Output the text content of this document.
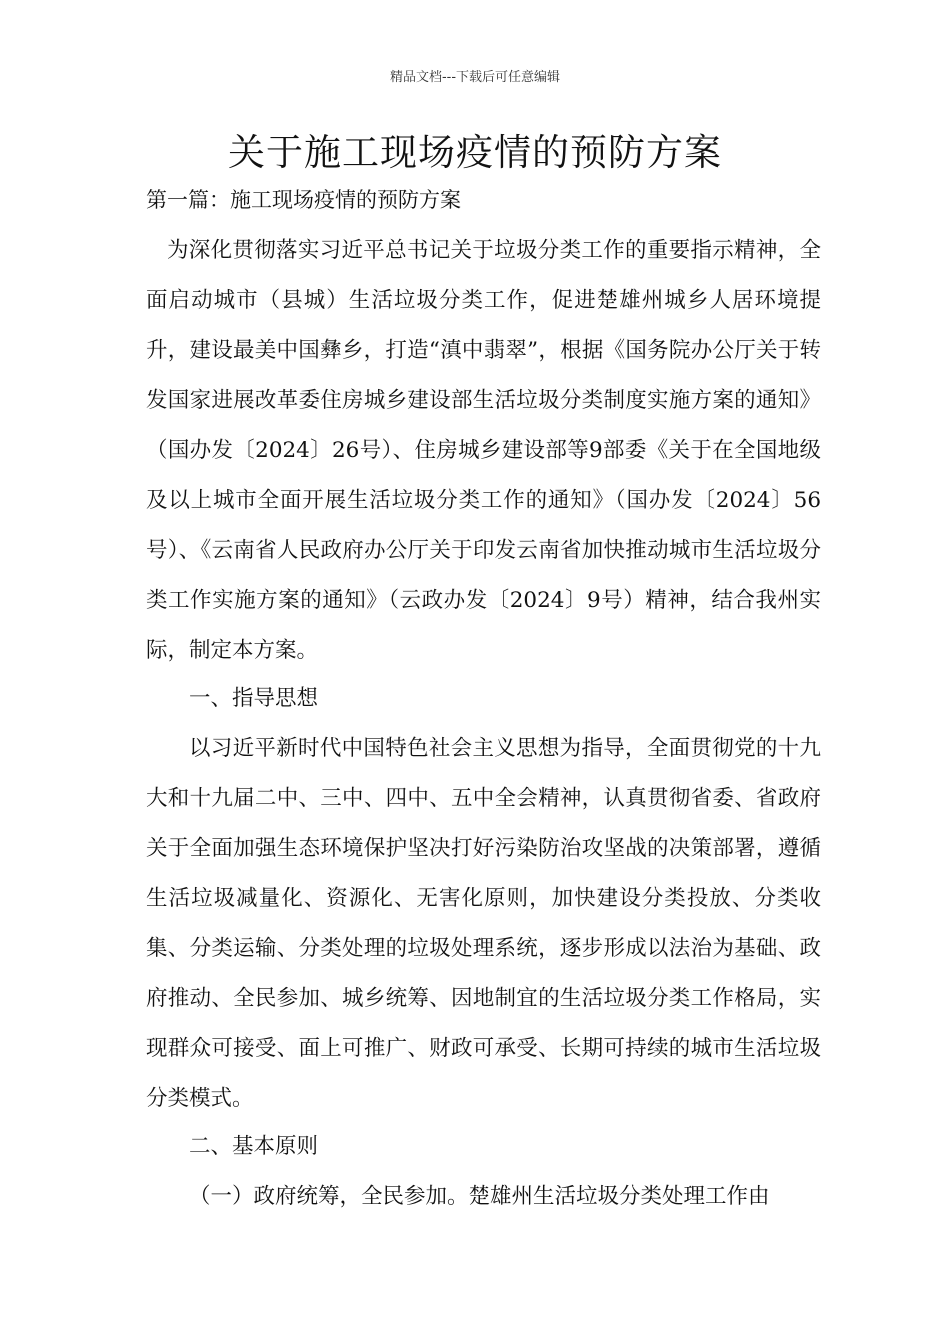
精品文档---下载后可任意编辑
关于施工现场疫情的预防方案
第一篇：施工现场疫情的预防方案

为深化贯彻落实习近平总书记关于垃圾分类工作的重要指示精神，全面启动城市（县城）生活垃圾分类工作，促进楚雄州城乡人居环境提升，建设最美中国彝乡，打造“滇中翡翠”，根据《国务院办公厅关于转发国家进展改革委住房城乡建设部生活垃圾分类制度实施方案的通知》（国办发〔2024〕26号）、住房城乡建设部等9部委《关于在全国地级及以上城市全面开展生活垃圾分类工作的通知》（国办发〔2024〕56号）、《云南省人民政府办公厅关于印发云南省加快推动城市生活垃圾分类工作实施方案的通知》（云政办发〔2024〕9号）精神，结合我州实际，制定本方案。

一、指导思想

以习近平新时代中国特色社会主义思想为指导，全面贯彻党的十九大和十九届二中、三中、四中、五中全会精神，认真贯彻省委、省政府关于全面加强生态环境保护坚决打好污染防治攻坚战的决策部署，遵循生活垃圾减量化、资源化、无害化原则，加快建设分类投放、分类收集、分类运输、分类处理的垃圾处理系统，逐步形成以法治为基础、政府推动、全民参加、城乡统筹、因地制宜的生活垃圾分类工作格局，实现群众可接受、面上可推广、财政可承受、长期可持续的城市生活垃圾分类模式。

二、基本原则

（一）政府统筹，全民参加。楚雄州生活垃圾分类处理工作由
